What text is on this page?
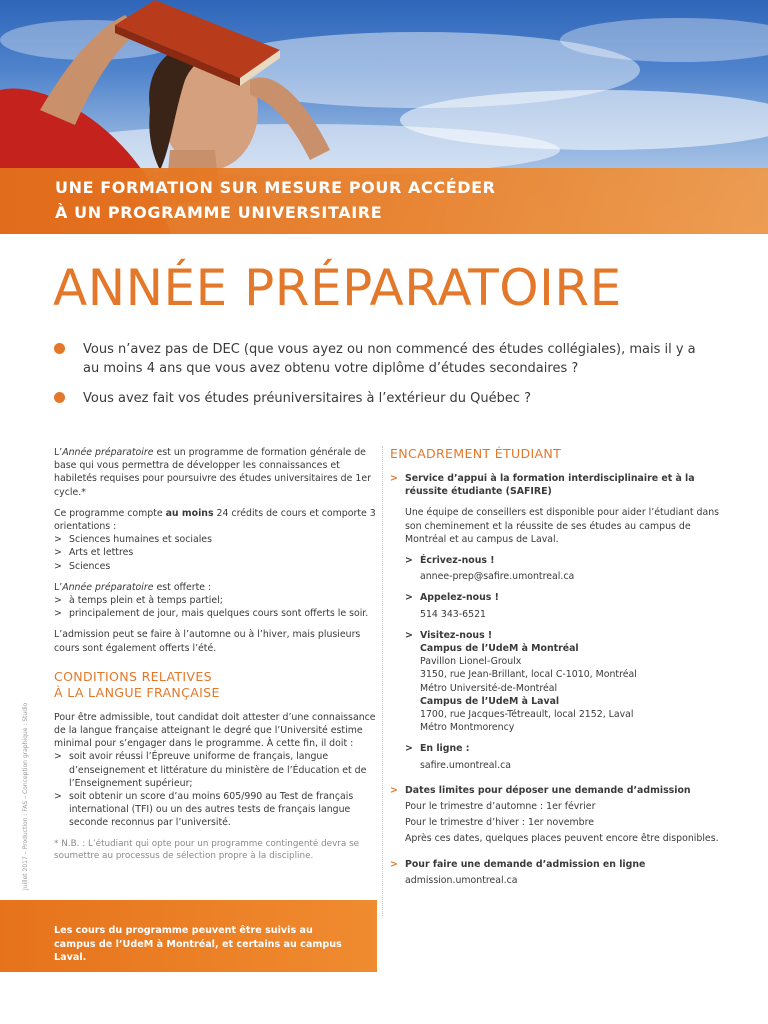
UNE FORMATION SUR MESURE POUR ACCÉDER
À UN PROGRAMME UNIVERSITAIRE
ANNÉE PRÉPARATOIRE
Vous n’avez pas de DEC (que vous ayez ou non commencé des études collégiales), mais il y a au moins 4 ans que vous avez obtenu votre diplôme d’études secondaires ?
Vous avez fait vos études préuniversitaires à l’extérieur du Québec ?
L’Année préparatoire est un programme de formation générale de base qui vous permettra de développer les connaissances et habiletés requises pour poursuivre des études universitaires de 1er cycle.*
Ce programme compte au moins 24 crédits de cours et comporte 3 orientations :
> Sciences humaines et sociales
> Arts et lettres
> Sciences
L’Année préparatoire est offerte :
> à temps plein et à temps partiel;
> principalement de jour, mais quelques cours sont offerts le soir.
L’admission peut se faire à l’automne ou à l’hiver, mais plusieurs cours sont également offerts l’été.
CONDITIONS RELATIVES
À LA LANGUE FRANÇAISE
Pour être admissible, tout candidat doit attester d’une connaissance de la langue française atteignant le degré que l’Université estime minimal pour s’engager dans le programme. À cette fin, il doit :
> soit avoir réussi l’Épreuve uniforme de français, langue d’enseignement et littérature du ministère de l’Éducation et de l’Enseignement supérieur;
> soit obtenir un score d’au moins 605/990 au Test de français international (TFI) ou un des autres tests de français langue seconde reconnus par l’université.
* N.B. : L’étudiant qui opte pour un programme contingenté devra se soumettre au processus de sélection propre à la discipline.
ENCADREMENT ÉTUDIANT
> Service d’appui à la formation interdisciplinaire et à la réussite étudiante (SAFIRE)
Une équipe de conseillers est disponible pour aider l’étudiant dans son cheminement et la réussite de ses études au campus de Montréal et au campus de Laval.
> Écrivez-nous !
annee-prep@safire.umontreal.ca
> Appelez-nous !
514 343-6521
> Visitez-nous !
Campus de l’UdeM à Montréal
Pavillon Lionel-Groulx
3150, rue Jean-Brillant, local C-1010, Montréal
Métro Université-de-Montréal
Campus de l’UdeM à Laval
1700, rue Jacques-Tétreault, local 2152, Laval
Métro Montmorency
> En ligne :
safire.umontreal.ca
> Dates limites pour déposer une demande d’admission
Pour le trimestre d’automne : 1er février
Pour le trimestre d’hiver : 1er novembre
Après ces dates, quelques places peuvent encore être disponibles.
> Pour faire une demande d’admission en ligne
admission.umontreal.ca
Les cours du programme peuvent être suivis au campus de l’UdeM à Montréal, et certains au campus Laval.
Juillet 2017 – Production : FAS – Conception graphique : Studio
